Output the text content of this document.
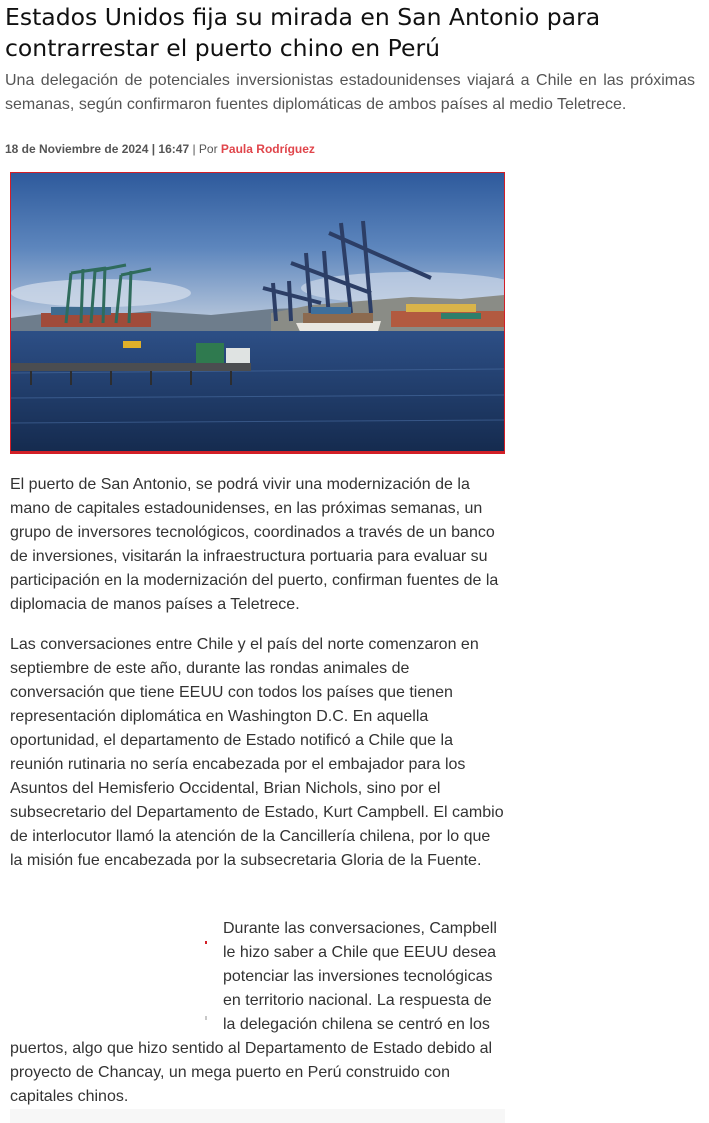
Estados Unidos fija su mirada en San Antonio para contrarrestar el puerto chino en Perú

Una delegación de potenciales inversionistas estadounidenses viajará a Chile en las próximas semanas, según confirmaron fuentes diplomáticas de ambos países al medio Teletrece.

18 de Noviembre de 2024 | 16:47 | Por Paula Rodríguez

El puerto de San Antonio, se podrá vivir una modernización de la mano de capitales estadounidenses, en las próximas semanas, un grupo de inversores tecnológicos, coordinados a través de un banco de inversiones, visitarán la infraestructura portuaria para evaluar su participación en la modernización del puerto, confirman fuentes de la diplomacia de manos países a Teletrece.

Las conversaciones entre Chile y el país del norte comenzaron en septiembre de este año, durante las rondas animales de conversación que tiene EEUU con todos los países que tienen representación diplomática en Washington D.C. En aquella oportunidad, el departamento de Estado notificó a Chile que la reunión rutinaria no sería encabezada por el embajador para los Asuntos del Hemisferio Occidental, Brian Nichols, sino por el subsecretario del Departamento de Estado, Kurt Campbell. El cambio de interlocutor llamó la atención de la Cancillería chilena, por lo que la misión fue encabezada por la subsecretaria Gloria de la Fuente.

Durante las conversaciones, Campbell le hizo saber a Chile que EEUU desea potenciar las inversiones tecnológicas en territorio nacional. La respuesta de la delegación chilena se centró en los puertos, algo que hizo sentido al Departamento de Estado debido al proyecto de Chancay, un mega puerto en Perú construido con capitales chinos.
